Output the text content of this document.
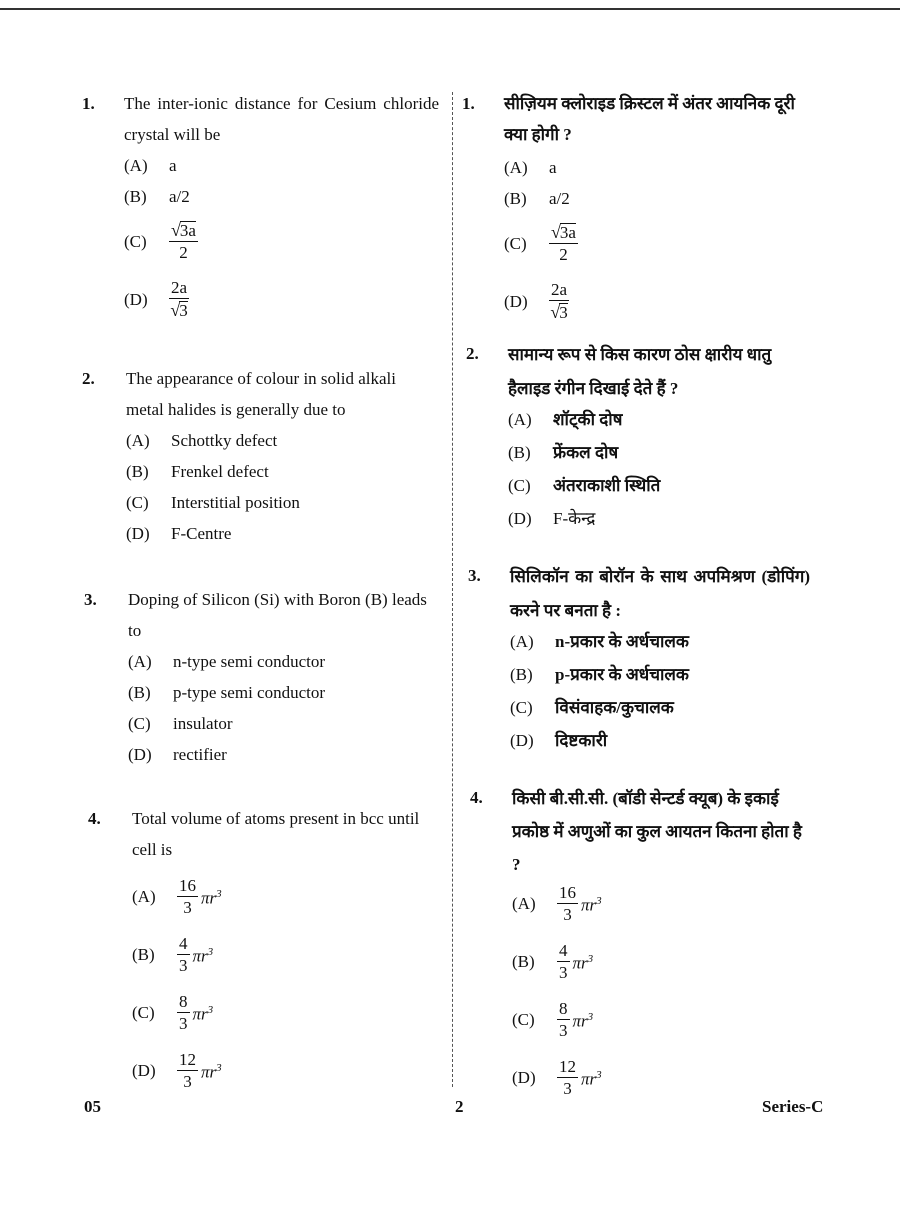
1. The inter-ionic distance for Cesium chloride crystal will be
(A) a
(B) a/2
(C)	$\frac{√ 3a}{2}$
(D)	$\frac{2a}{√ 3}$
2. The appearance of colour in solid alkali metal halides is generally due to
(A) Schottky defect
(B) Frenkel defect
(C) Interstitial position
(D) F-Centre
3. Doping of Silicon (Si) with Boron (B) leads to
(A) n-type semi conductor
(B) p-type semi conductor
(C) insulator
(D) rectifier
4. Total volume of atoms present in bcc until cell is
(A)	$\frac{16}{3} \pi r^3$
(B)	$\frac{4}{3} \pi r^3$
(C)	$\frac{8}{3} \pi r^3$
(D)	$\frac{12}{3} \pi r^3$
1. सीज़ियम क्लोराइड क्रिस्टल में अंतर आयनिक दूरी क्या होगी ?
(A) a
(B) a/2
(C)	$\frac{√ 3a}{2}$
(D)	$\frac{2a}{√ 3}$
2. सामान्य रूप से किस कारण ठोस क्षारीय धातु हैलाइड रंगीन दिखाई देते हैं ?
(A) शॉट्की दोष
(B) फ्रेंकल दोष
(C) अंतराकाशी स्थिति
(D) F-केन्द्र
3. सिलिकॉन का बोरॉन के साथ अपमिश्रण (डोपिंग) करने पर बनता है :
(A) n-प्रकार के अर्धचालक
(B) p-प्रकार के अर्धचालक
(C) विसंवाहक/कुचालक
(D) दिष्टकारी
4. किसी बी.सी.सी. (बॉडी सेन्टर्ड क्यूब) के इकाई प्रकोष्ठ में अणुओं का कुल आयतन कितना होता है ?
(A)	$\frac{16}{3} \pi r^3$
(B)	$\frac{4}{3} \pi r^3$
(C)	$\frac{8}{3} \pi r^3$
(D)	$\frac{12}{3} \pi r^3$
05	2	Series-C
